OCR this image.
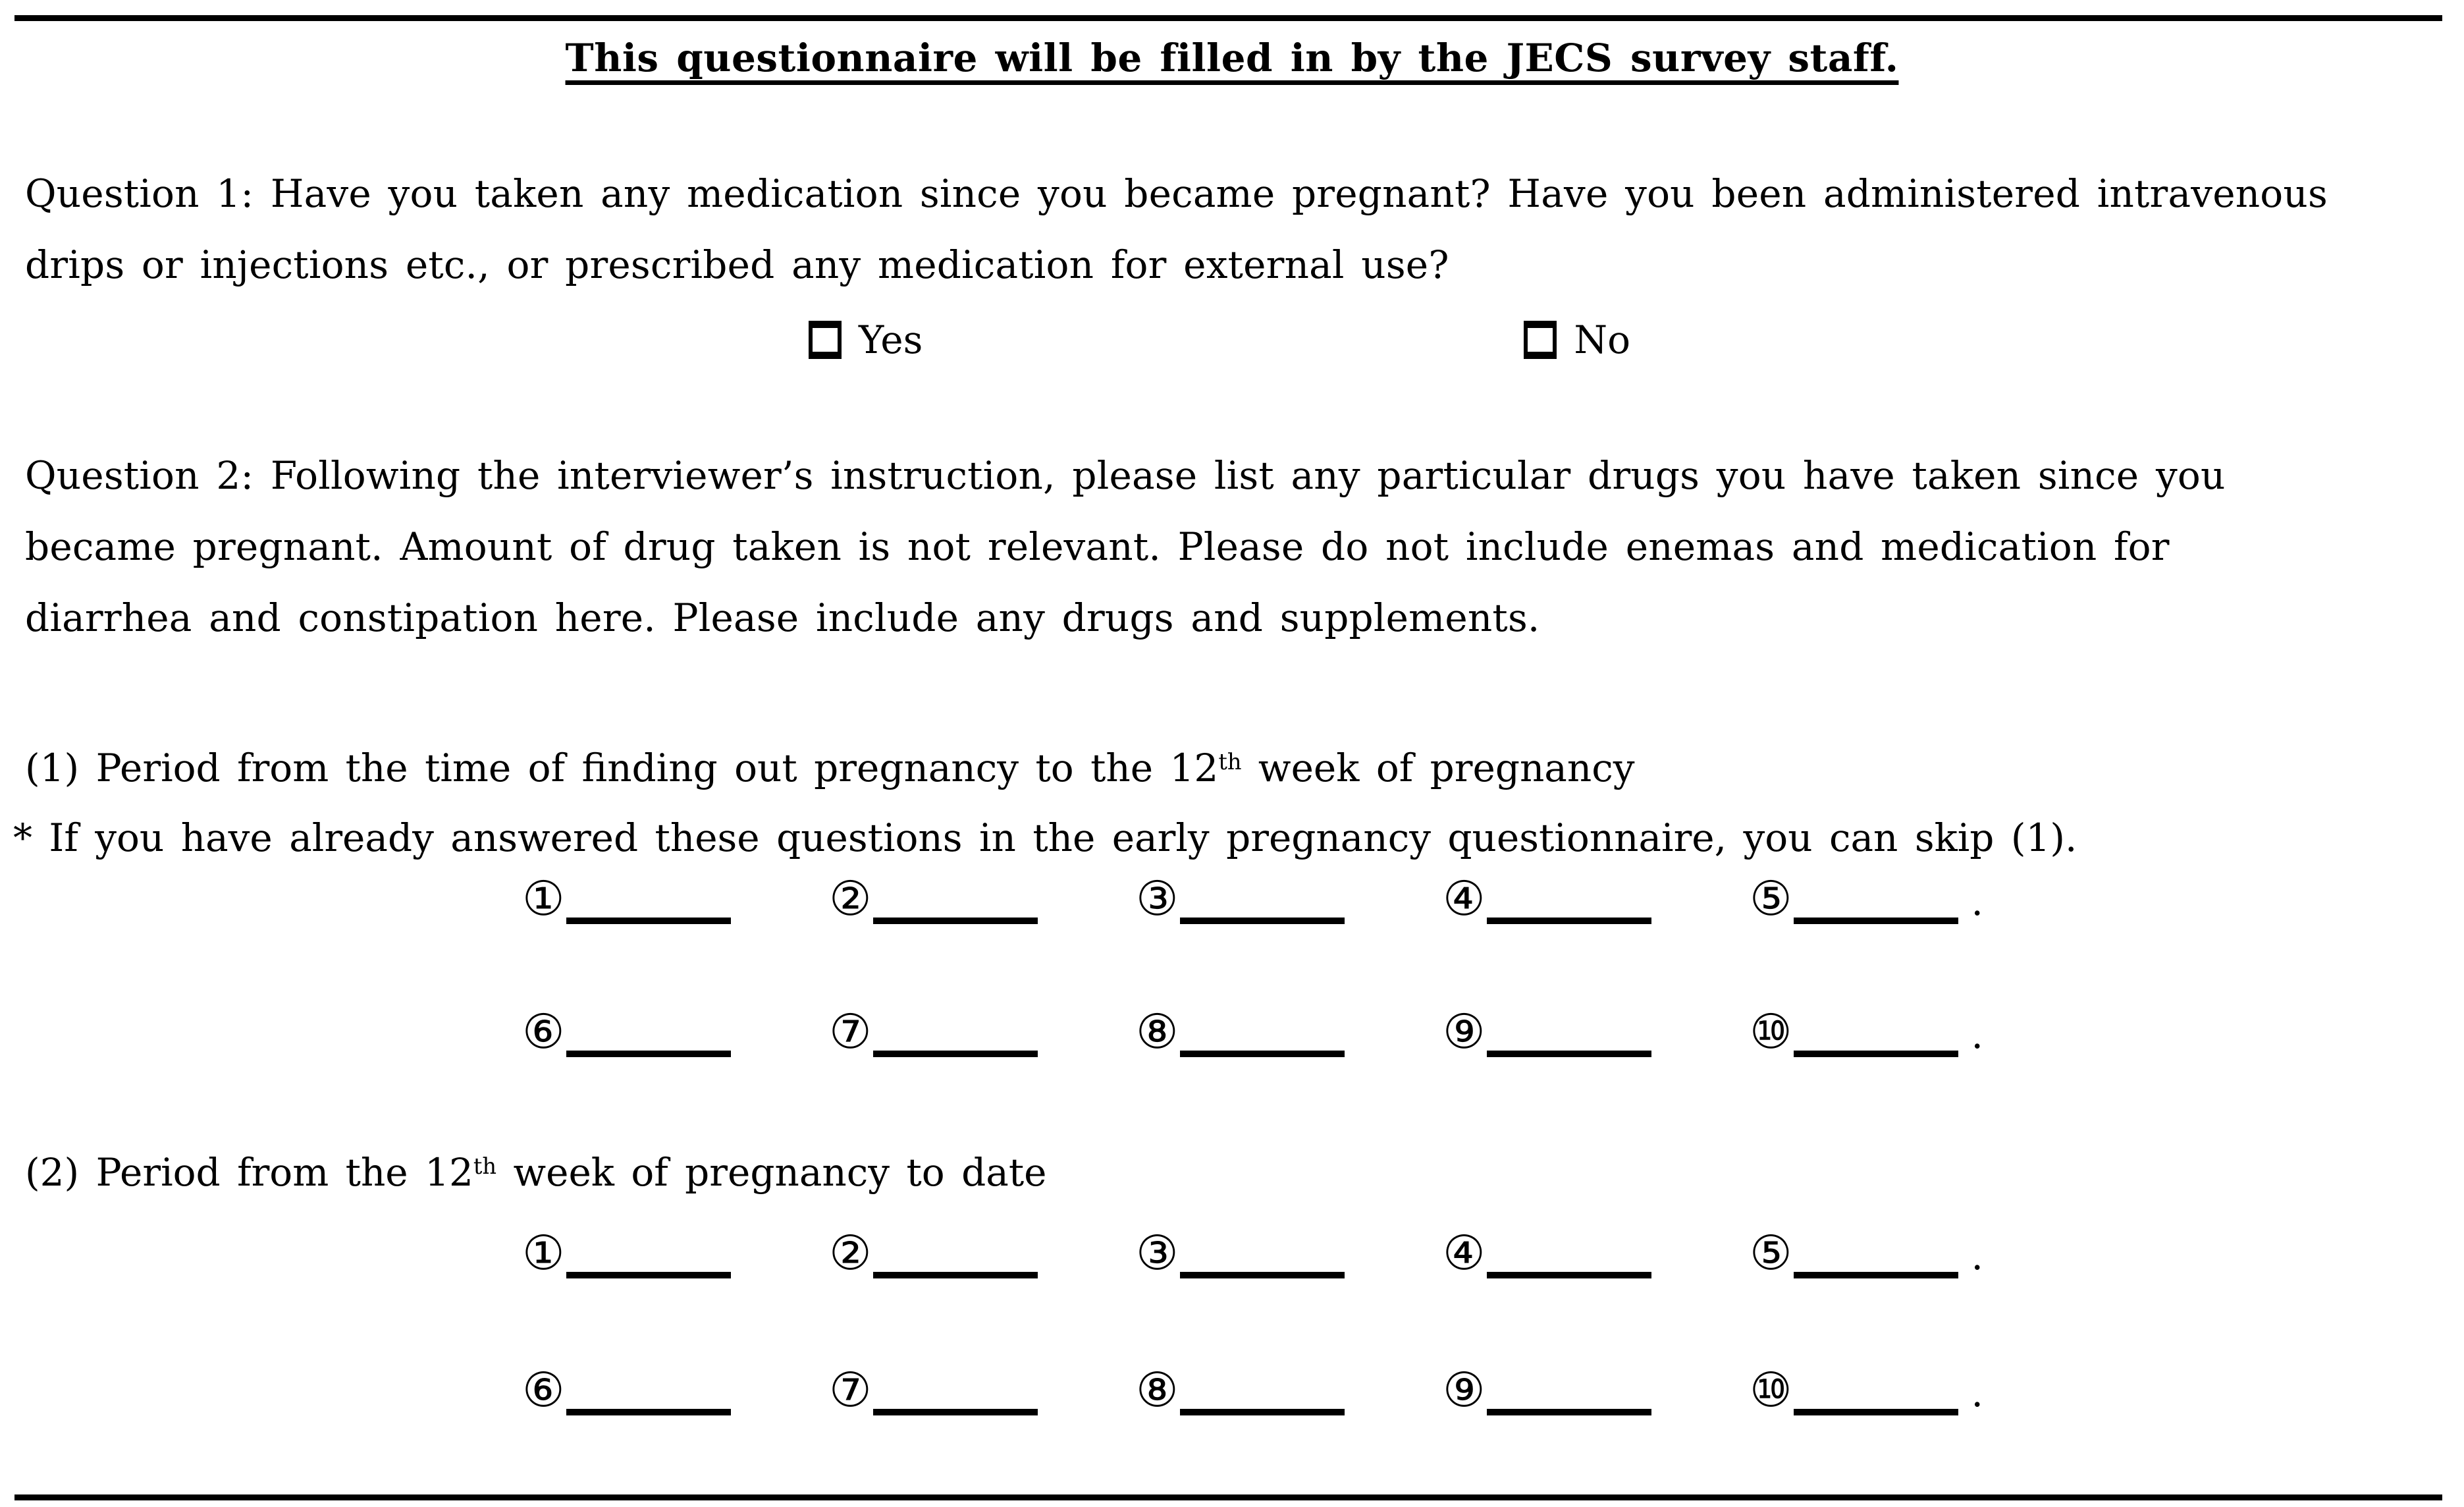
This questionnaire will be filled in by the JECS survey staff.
Question 1: Have you taken any medication since you became pregnant? Have you been administered intravenous
drips or injections etc., or prescribed any medication for external use?
Yes	No
Question 2: Following the interviewer’s instruction, please list any particular drugs you have taken since you
became pregnant. Amount of drug taken is not relevant. Please do not include enemas and medication for
diarrhea and constipation here. Please include any drugs and supplements.
(1) Period from the time of finding out pregnancy to the 12th week of pregnancy
* If you have already answered these questions in the early pregnancy questionnaire, you can skip (1).
①	②	③	④	⑤	.
⑥	⑦	⑧	⑨	⑩	.
(2) Period from the 12th week of pregnancy to date
①	②	③	④	⑤	.
⑥	⑦	⑧	⑨	⑩	.
